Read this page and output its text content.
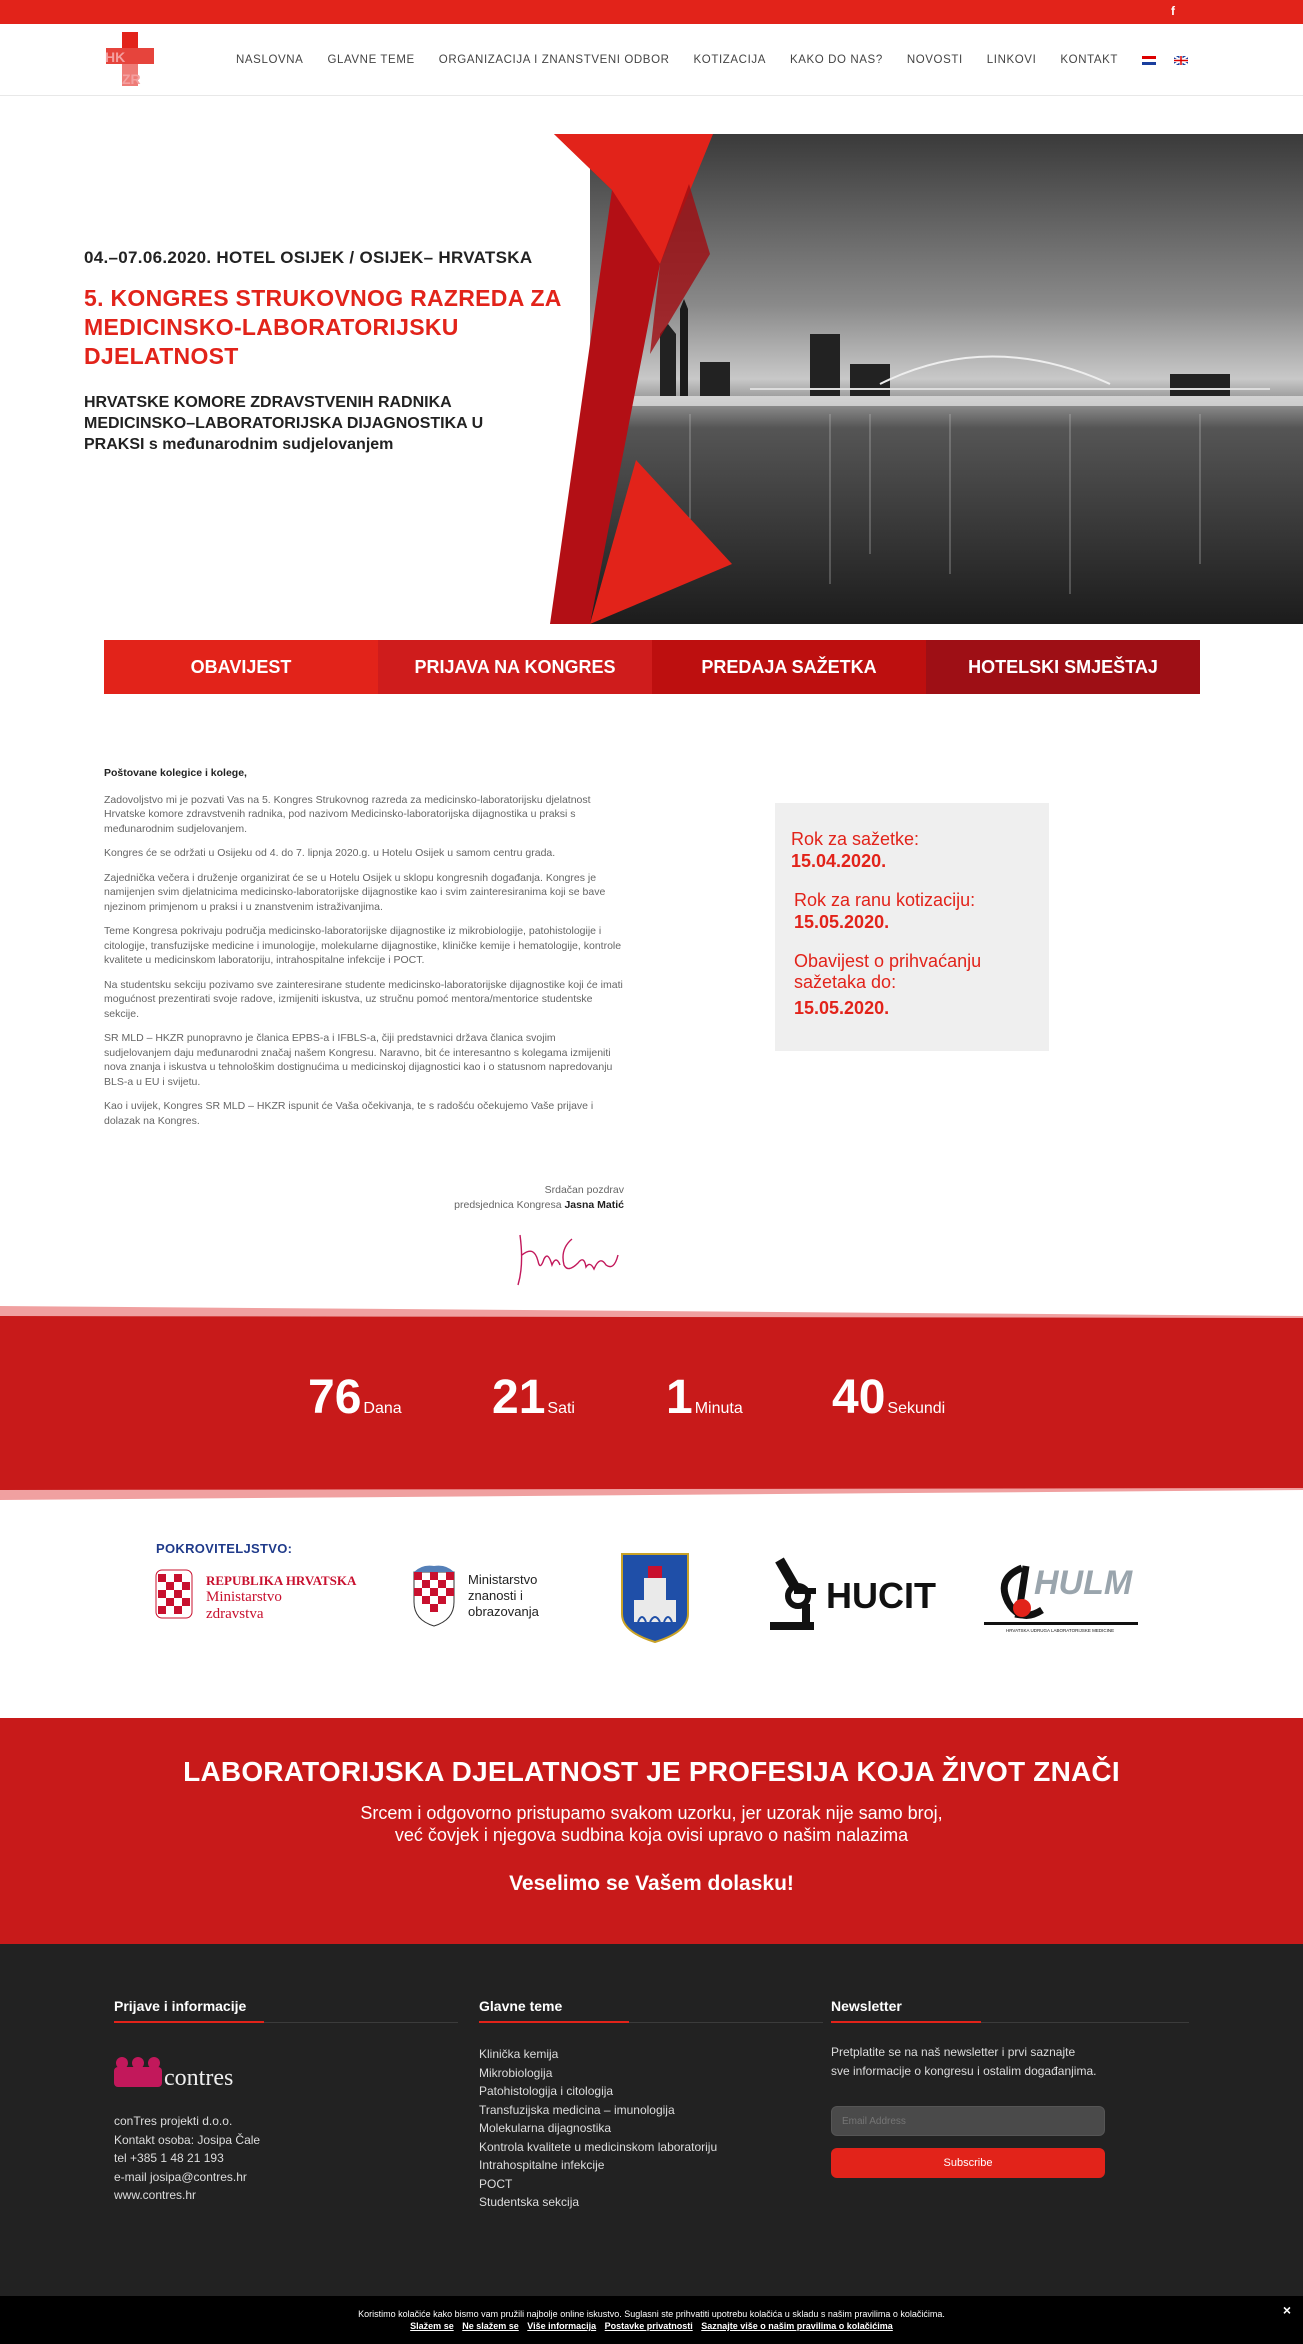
f
HK
ZR
NASLOVNA GLAVNE TEME ORGANIZACIJA I ZNANSTVENI ODBOR KOTIZACIJA KAKO DO NAS? NOVOSTI LINKOVI KONTAKT
04.–07.06.2020. HOTEL OSIJEK / OSIJEK– HRVATSKA
5. KONGRES STRUKOVNOG RAZREDA ZA MEDICINSKO-LABORATORIJSKU DJELATNOST
HRVATSKE KOMORE ZDRAVSTVENIH RADNIKA MEDICINSKO–LABORATORIJSKA DIJAGNOSTIKA U PRAKSI s međunarodnim sudjelovanjem
OBAVIJEST	PRIJAVA NA KONGRES	PREDAJA SAŽETKA	HOTELSKI SMJEŠTAJ

Poštovane kolegice i kolege,

Zadovoljstvo mi je pozvati Vas na 5. Kongres Strukovnog razreda za medicinsko-laboratorijsku djelatnost Hrvatske komore zdravstvenih radnika, pod nazivom Medicinsko-laboratorijska dijagnostika u praksi s međunarodnim sudjelovanjem.

Kongres će se održati u Osijeku od 4. do 7. lipnja 2020.g. u Hotelu Osijek u samom centru grada.

Zajednička večera i druženje organizirat će se u Hotelu Osijek u sklopu kongresnih događanja. Kongres je namijenjen svim djelatnicima medicinsko-laboratorijske dijagnostike kao i svim zainteresiranima koji se bave njezinom primjenom u praksi i u znanstvenim istraživanjima.

Teme Kongresa pokrivaju područja medicinsko-laboratorijske dijagnostike iz mikrobiologije, patohistologije i citologije, transfuzijske medicine i imunologije, molekularne dijagnostike, kliničke kemije i hematologije, kontrole kvalitete u medicinskom laboratoriju, intrahospitalne infekcije i POCT.

Na studentsku sekciju pozivamo sve zainteresirane studente medicinsko-laboratorijske dijagnostike koji će imati mogućnost prezentirati svoje radove, izmijeniti iskustva, uz stručnu pomoć mentora/mentorice studentske sekcije.

SR MLD – HKZR punopravno je članica EPBS-a i IFBLS-a, čiji predstavnici država članica svojim sudjelovanjem daju međunarodni značaj našem Kongresu. Naravno, bit će interesantno s kolegama izmijeniti nova znanja i iskustva u tehnološkim dostignućima u medicinskoj dijagnostici kao i o statusnom napredovanju BLS-a u EU i svijetu.

Kao i uvijek, Kongres SR MLD – HKZR ispunit će Vaša očekivanja, te s radošću očekujemo Vaše prijave i dolazak na Kongres.

Srdačan pozdrav
predsjednica Kongresa Jasna Matić
Rok za sažetke:
15.04.2020.
Rok za ranu kotizaciju:
15.05.2020.
Obavijest o prihvaćanju sažetaka do:
15.05.2020.
76 Dana 21 Sati 1 Minuta 40 Sekundi
POKROVITELJSTVO:
REPUBLIKA HRVATSKA
Ministarstvo
zdravstva
Ministarstvo
znanosti i
obrazovanja	HUCIT	HULM
HRVATSKA UDRUGA LABORATORIJSKE MEDICINE
LABORATORIJSKA DJELATNOST JE PROFESIJA KOJA ŽIVOT ZNAČI
Srcem i odgovorno pristupamo svakom uzorku, jer uzorak nije samo broj,
već čovjek i njegova sudbina koja ovisi upravo o našim nalazima
Veselimo se Vašem dolasku!
Prijave i informacije
contres
conTres projekti d.o.o.
Kontakt osoba: Josipa Čale
tel +385 1 48 21 193
e-mail josipa@contres.hr
www.contres.hr
Glavne teme
Klinička kemija
Mikrobiologija
Patohistologija i citologija
Transfuzijska medicina – imunologija
Molekularna dijagnostika
Kontrola kvalitete u medicinskom laboratoriju
Intrahospitalne infekcije
POCT
Studentska sekcija
Newsletter
Pretplatite se na naš newsletter i prvi saznajte
sve informacije o kongresu i ostalim događanjima.
Email Address
Subscribe
Koristimo kolačiće kako bismo vam pružili najbolje online iskustvo. Suglasni ste prihvatiti upotrebu kolačića u skladu s našim pravilima o kolačićima.
Slažem se Ne slažem se Više informacija Postavke privatnosti Saznajte više o našim pravilima o kolačićima
×
